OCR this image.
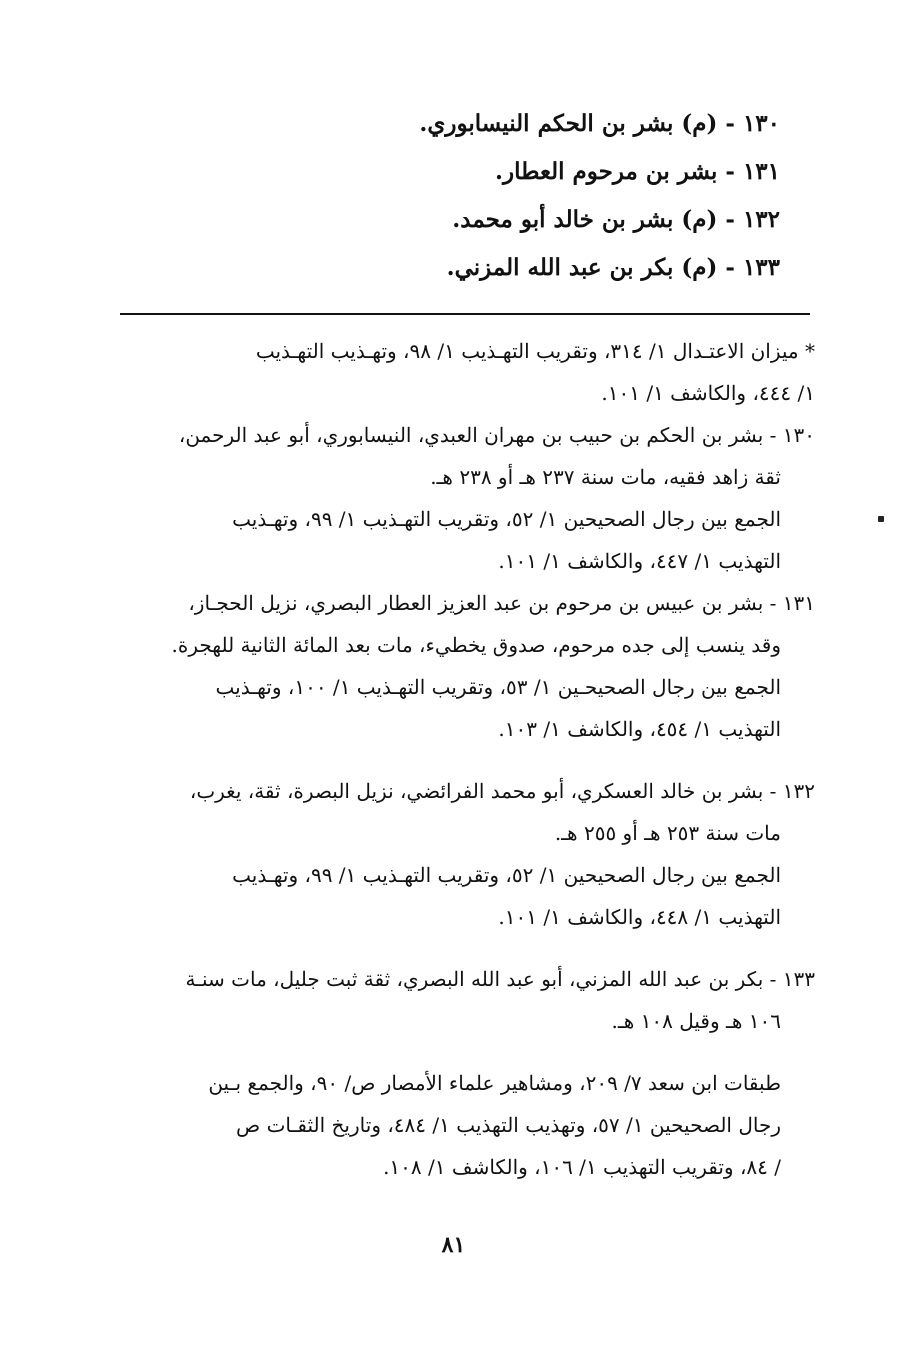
١٣٠ - (م) بشر بن الحكم النيسابوري.
١٣١ - بشر بن مرحوم العطار.
١٣٢ - (م) بشر بن خالد أبو محمد.
١٣٣ - (م) بكر بن عبد الله المزني.
* ميزان الاعتـدال ١/ ٣١٤، وتقريب التهـذيب ١/ ٩٨، وتهـذيب التهـذيب
١/ ٤٤٤، والكاشف ١/ ١٠١.
١٣٠ - بشر بن الحكم بن حبيب بن مهران العبدي، النيسابوري، أبو عبد الرحمن،
ثقة زاهد فقيه، مات سنة ٢٣٧ هـ أو ٢٣٨ هـ.
الجمع بين رجال الصحيحين ١/ ٥٢، وتقريب التهـذيب ١/ ٩٩، وتهـذيب
التهذيب ١/ ٤٤٧، والكاشف ١/ ١٠١.
١٣١ - بشر بن عبيس بن مرحوم بن عبد العزيز العطار البصري، نزيل الحجـاز،
وقد ينسب إلى جده مرحوم، صدوق يخطيء، مات بعد المائة الثانية للهجرة.
الجمع بين رجال الصحيحـين ١/ ٥٣، وتقريب التهـذيب ١/ ١٠٠، وتهـذيب
التهذيب ١/ ٤٥٤، والكاشف ١/ ١٠٣.
١٣٢ - بشر بن خالد العسكري، أبو محمد الفرائضي، نزيل البصرة، ثقة، يغرب،
مات سنة ٢٥٣ هـ أو ٢٥٥ هـ.
الجمع بين رجال الصحيحين ١/ ٥٢، وتقريب التهـذيب ١/ ٩٩، وتهـذيب
التهذيب ١/ ٤٤٨، والكاشف ١/ ١٠١.
١٣٣ - بكر بن عبد الله المزني، أبو عبد الله البصري، ثقة ثبت جليل، مات سنـة
١٠٦ هـ وقيل ١٠٨ هـ.
طبقات ابن سعد ٧/ ٢٠٩، ومشاهير علماء الأمصار ص/ ٩٠، والجمع بـين
رجال الصحيحين ١/ ٥٧، وتهذيب التهذيب ١/ ٤٨٤، وتاريخ الثقـات ص
/ ٨٤، وتقريب التهذيب ١/ ١٠٦، والكاشف ١/ ١٠٨.
٨١
